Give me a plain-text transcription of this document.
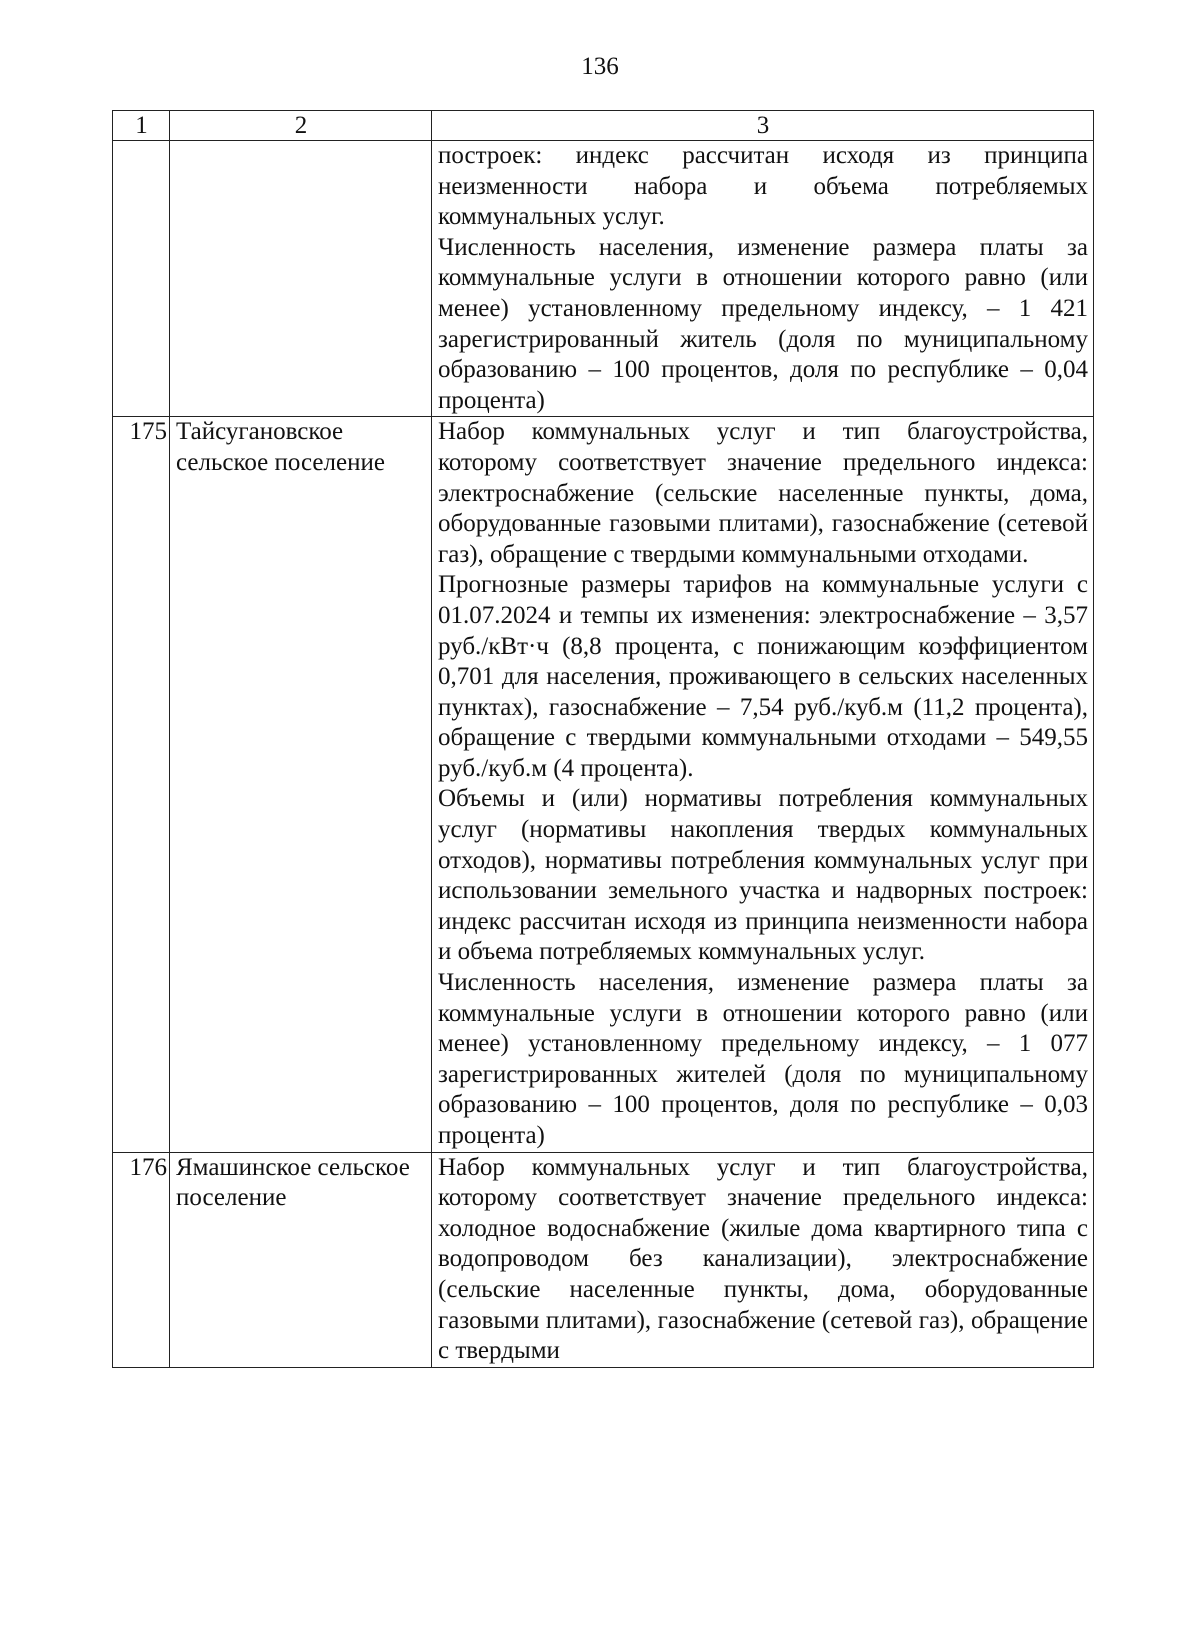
136
1	2	3

		построек: индекс рассчитан исходя из принципа неизменности набора и объема потребляемых коммунальных услуг.

Численность населения, изменение размера платы за коммунальные услуги в отношении которого равно (или менее) установленному предельному индексу, – 1 421 зарегистрированный житель (доля по муниципальному образованию – 100 процентов, доля по республике – 0,04 процента)

175	Тайсугановское сельское поселение	Набор коммунальных услуг и тип благоустройства, которому соответствует значение предельного индекса: электроснабжение (сельские населенные пункты, дома, оборудованные газовыми плитами), газоснабжение (сетевой газ), обращение с твердыми коммунальными отходами.

Прогнозные размеры тарифов на коммунальные услуги с 01.07.2024 и темпы их изменения: электроснабжение – 3,57 руб./кВт·ч (8,8 процента, с понижающим коэффициентом 0,701 для населения, проживающего в сельских населенных пунктах), газоснабжение – 7,54 руб./куб.м (11,2 процента), обращение с твердыми коммунальными отходами – 549,55 руб./куб.м (4 процента).

Объемы и (или) нормативы потребления коммунальных услуг (нормативы накопления твердых коммунальных отходов), нормативы потребления коммунальных услуг при использовании земельного участка и надворных построек: индекс рассчитан исходя из принципа неизменности набора и объема потребляемых коммунальных услуг.

Численность населения, изменение размера платы за коммунальные услуги в отношении которого равно (или менее) установленному предельному индексу, – 1 077 зарегистрированных жителей (доля по муниципальному образованию – 100 процентов, доля по республике – 0,03 процента)

176	Ямашинское сельское поселение	Набор коммунальных услуг и тип благоустройства, которому соответствует значение предельного индекса: холодное водоснабжение (жилые дома квартирного типа с водопроводом без канализации), электроснабжение (сельские населенные пункты, дома, оборудованные газовыми плитами), газоснабжение (сетевой газ), обращение с твердыми
